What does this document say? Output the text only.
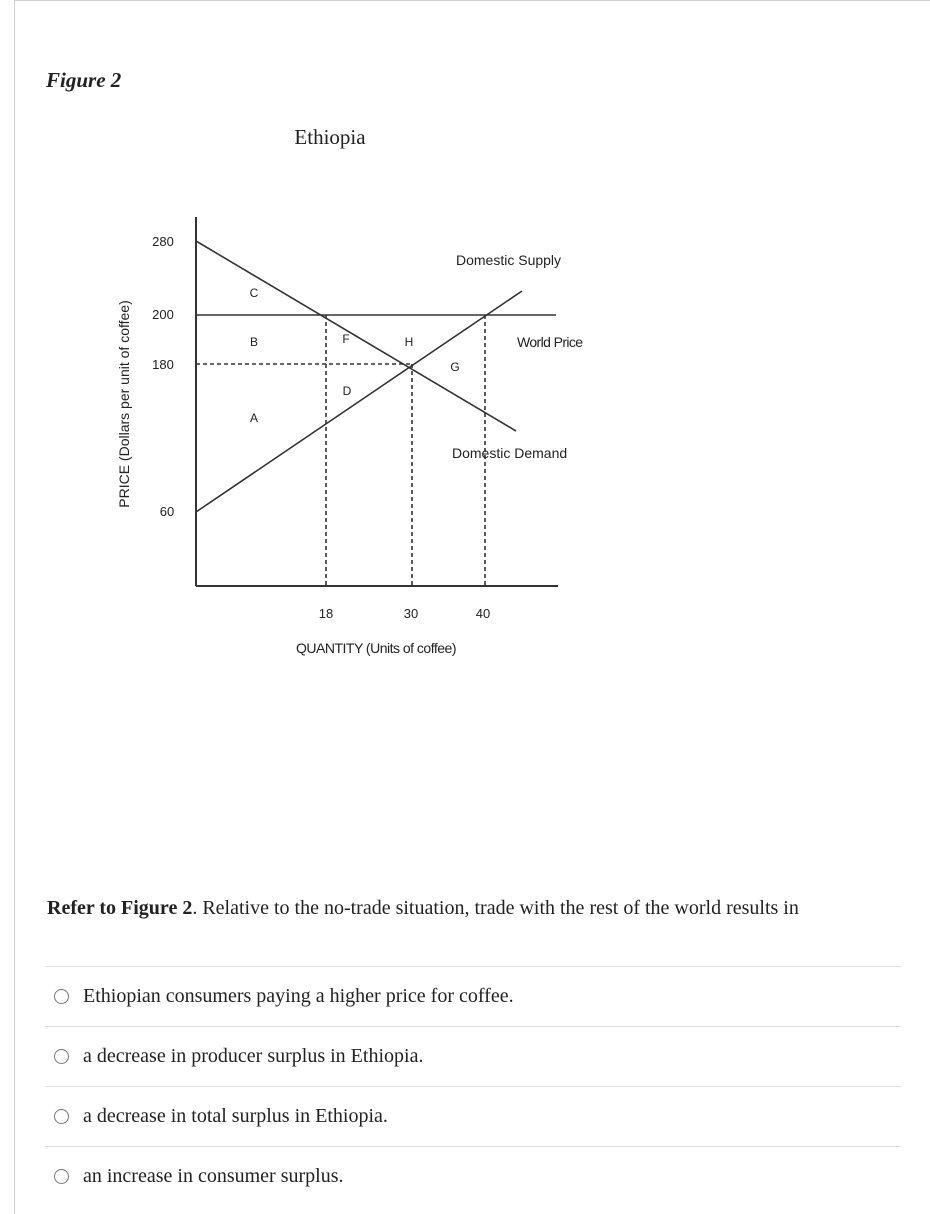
Figure 2
Ethiopia
PRICE (Dollars per unit of coffee)
280
200
180
60
18	30	40
QUANTITY (Units of coffee)
Domestic Supply
World Price
Domestic Demand
C
B	F	H
G
D
A
Refer to Figure 2. Relative to the no-trade situation, trade with the rest of the world results in
Ethiopian consumers paying a higher price for coffee.
a decrease in producer surplus in Ethiopia.
a decrease in total surplus in Ethiopia.
an increase in consumer surplus.
